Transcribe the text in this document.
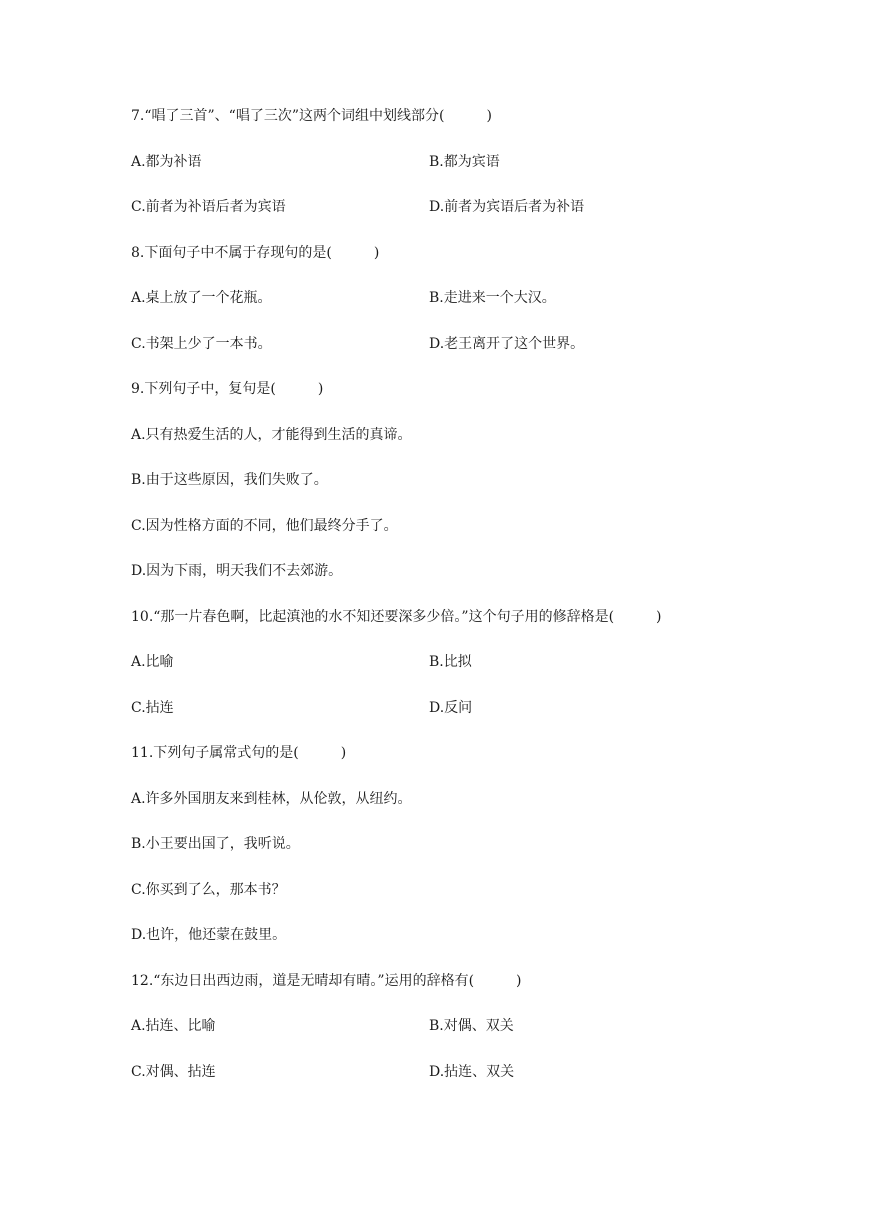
7.“唱了三首”、“唱了三次”这两个词组中划线部分(　　　)
A.都为补语	B.都为宾语
C.前者为补语后者为宾语	D.前者为宾语后者为补语
8.下面句子中不属于存现句的是(　　　)
A.桌上放了一个花瓶。	B.走进来一个大汉。
C.书架上少了一本书。	D.老王离开了这个世界。
9.下列句子中，复句是(　　　)
A.只有热爱生活的人，才能得到生活的真谛。
B.由于这些原因，我们失败了。
C.因为性格方面的不同，他们最终分手了。
D.因为下雨，明天我们不去郊游。
10.“那一片春色啊，比起滇池的水不知还要深多少倍。”这个句子用的修辞格是(　　　)
A.比喻	B.比拟
C.拈连	D.反问
11.下列句子属常式句的是(　　　)
A.许多外国朋友来到桂林，从伦敦，从纽约。
B.小王要出国了，我听说。
C.你买到了么，那本书？
D.也许，他还蒙在鼓里。
12.“东边日出西边雨，道是无晴却有晴。”运用的辞格有(　　　)
A.拈连、比喻	B.对偶、双关
C.对偶、拈连	D.拈连、双关
